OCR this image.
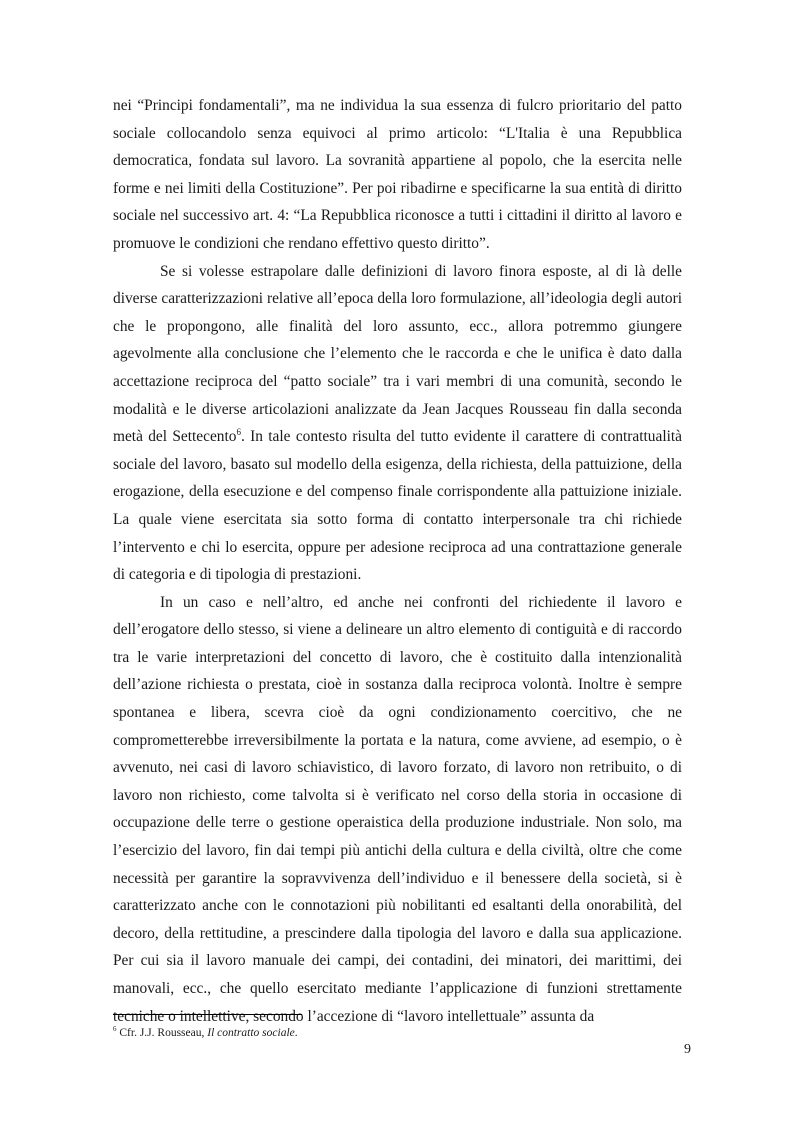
nei “Principi fondamentali”, ma ne individua la sua essenza di fulcro prioritario del patto sociale collocandolo senza equivoci al primo articolo: “L'Italia è una Repubblica democratica, fondata sul lavoro. La sovranità appartiene al popolo, che la esercita nelle forme e nei limiti della Costituzione”. Per poi ribadirne e specificarne la sua entità di diritto sociale nel successivo art. 4: “La Repubblica riconosce a tutti i cittadini il diritto al lavoro e promuove le condizioni che rendano effettivo questo diritto”.

Se si volesse estrapolare dalle definizioni di lavoro finora esposte, al di là delle diverse caratterizzazioni relative all’epoca della loro formulazione, all’ideologia degli autori che le propongono, alle finalità del loro assunto, ecc., allora potremmo giungere agevolmente alla conclusione che l’elemento che le raccorda e che le unifica è dato dalla accettazione reciproca del “patto sociale” tra i vari membri di una comunità, secondo le modalità e le diverse articolazioni analizzate da Jean Jacques Rousseau fin dalla seconda metà del Settecento$^6$. In tale contesto risulta del tutto evidente il carattere di contrattualità sociale del lavoro, basato sul modello della esigenza, della richiesta, della pattuizione, della erogazione, della esecuzione e del compenso finale corrispondente alla pattuizione iniziale. La quale viene esercitata sia sotto forma di contatto interpersonale tra chi richiede l’intervento e chi lo esercita, oppure per adesione reciproca ad una contrattazione generale di categoria e di tipologia di prestazioni.

In un caso e nell’altro, ed anche nei confronti del richiedente il lavoro e dell’erogatore dello stesso, si viene a delineare un altro elemento di contiguità e di raccordo tra le varie interpretazioni del concetto di lavoro, che è costituito dalla intenzionalità dell’azione richiesta o prestata, cioè in sostanza dalla reciproca volontà. Inoltre è sempre spontanea e libera, scevra cioè da ogni condizionamento coercitivo, che ne comprometterebbe irreversibilmente la portata e la natura, come avviene, ad esempio, o è avvenuto, nei casi di lavoro schiavistico, di lavoro forzato, di lavoro non retribuito, o di lavoro non richiesto, come talvolta si è verificato nel corso della storia in occasione di occupazione delle terre o gestione operaistica della produzione industriale. Non solo, ma l’esercizio del lavoro, fin dai tempi più antichi della cultura e della civiltà, oltre che come necessità per garantire la sopravvivenza dell’individuo e il benessere della società, si è caratterizzato anche con le connotazioni più nobilitanti ed esaltanti della onorabilità, del decoro, della rettitudine, a prescindere dalla tipologia del lavoro e dalla sua applicazione. Per cui sia il lavoro manuale dei campi, dei contadini, dei minatori, dei marittimi, dei manovali, ecc., che quello esercitato mediante l’applicazione di funzioni strettamente tecniche o intellettive, secondo l’accezione di “lavoro intellettuale” assunta da

$^6$ Cfr. J.J. Rousseau, Il contratto sociale.

9
